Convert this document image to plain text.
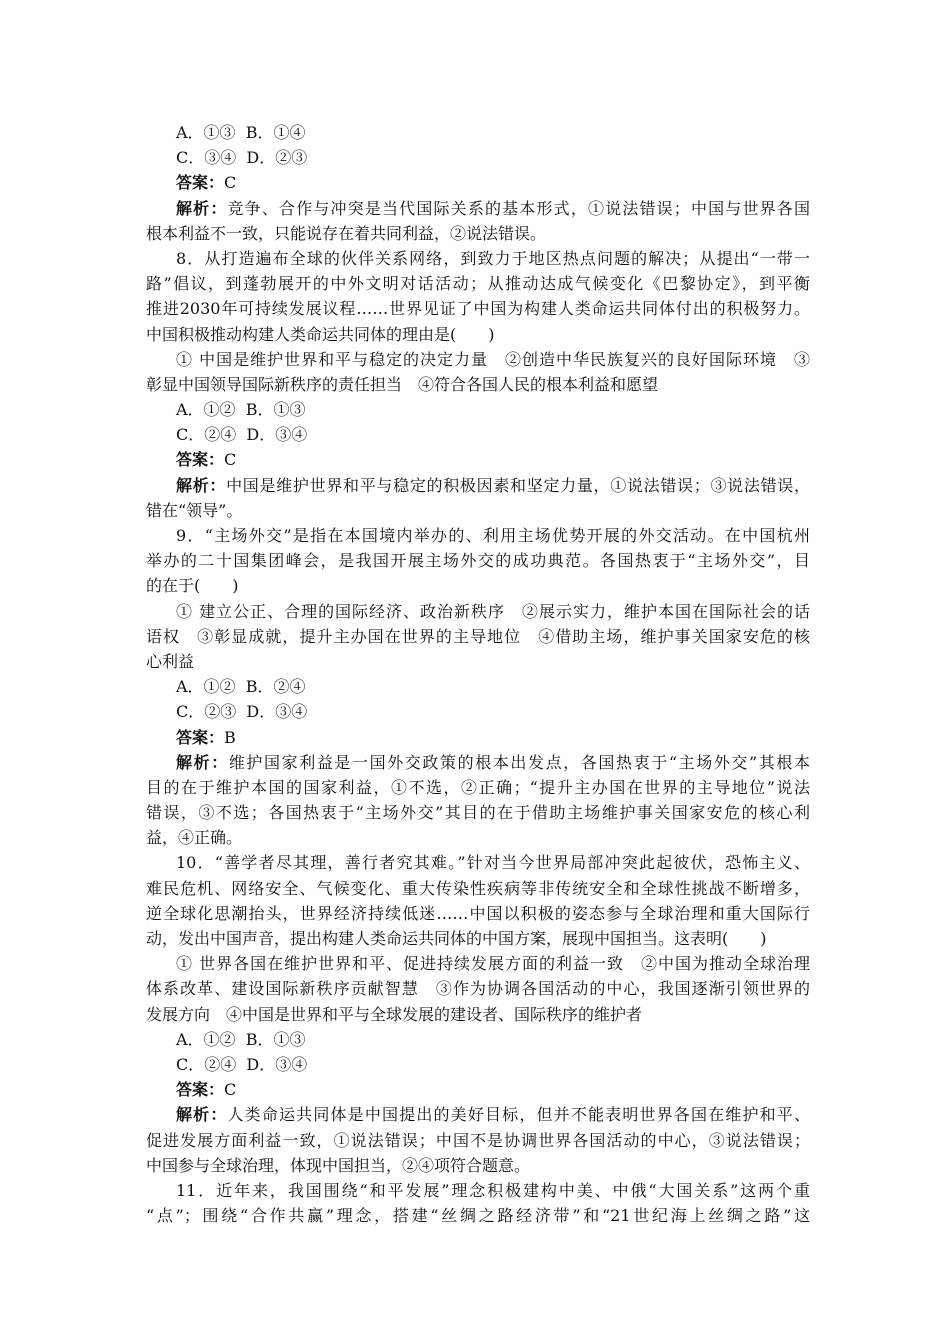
A．①③  B．①④
C．③④  D．②③
答案：C
解析：竞争、合作与冲突是当代国际关系的基本形式，①说法错误；中国与世界各国
根本利益不一致，只能说存在着共同利益，②说法错误。
8．从打造遍布全球的伙伴关系网络，到致力于地区热点问题的解决；从提出“一带一
路”倡议，到蓬勃展开的中外文明对话活动；从推动达成气候变化《巴黎协定》，到平衡
推进2030年可持续发展议程……世界见证了中国为构建人类命运共同体付出的积极努力。
中国积极推动构建人类命运共同体的理由是(　　)
① 中国是维护世界和平与稳定的决定力量　②创造中华民族复兴的良好国际环境　③
彰显中国领导国际新秩序的责任担当　④符合各国人民的根本利益和愿望
A．①②  B．①③
C．②④  D．③④
答案：C
解析：中国是维护世界和平与稳定的积极因素和坚定力量，①说法错误；③说法错误，
错在“领导”。
9．“主场外交”是指在本国境内举办的、利用主场优势开展的外交活动。在中国杭州
举办的二十国集团峰会，是我国开展主场外交的成功典范。各国热衷于“主场外交”，目
的在于(　　)
① 建立公正、合理的国际经济、政治新秩序　②展示实力，维护本国在国际社会的话
语权　③彰显成就，提升主办国在世界的主导地位　④借助主场，维护事关国家安危的核
心利益
A．①②  B．②④
C．②③  D．③④
答案：B
解析：维护国家利益是一国外交政策的根本出发点，各国热衷于“主场外交”其根本
目的在于维护本国的国家利益，①不选，②正确；“提升主办国在世界的主导地位”说法
错误，③不选；各国热衷于“主场外交”其目的在于借助主场维护事关国家安危的核心利
益，④正确。
10．“善学者尽其理，善行者究其难。”针对当今世界局部冲突此起彼伏，恐怖主义、
难民危机、网络安全、气候变化、重大传染性疾病等非传统安全和全球性挑战不断增多，
逆全球化思潮抬头，世界经济持续低迷……中国以积极的姿态参与全球治理和重大国际行
动，发出中国声音，提出构建人类命运共同体的中国方案，展现中国担当。这表明(　　)
① 世界各国在维护世界和平、促进持续发展方面的利益一致　②中国为推动全球治理
体系改革、建设国际新秩序贡献智慧　③作为协调各国活动的中心，我国逐渐引领世界的
发展方向　④中国是世界和平与全球发展的建设者、国际秩序的维护者
A．①②  B．①③
C．②④  D．③④
答案：C
解析：人类命运共同体是中国提出的美好目标，但并不能表明世界各国在维护和平、
促进发展方面利益一致，①说法错误；中国不是协调世界各国活动的中心，③说法错误；
中国参与全球治理，体现中国担当，②④项符合题意。
11．近年来，我国围绕“和平发展”理念积极建构中美、中俄“大国关系”这两个重
“点”；围绕“合作共赢”理念，搭建“丝绸之路经济带”和“21世纪海上丝绸之路”这
